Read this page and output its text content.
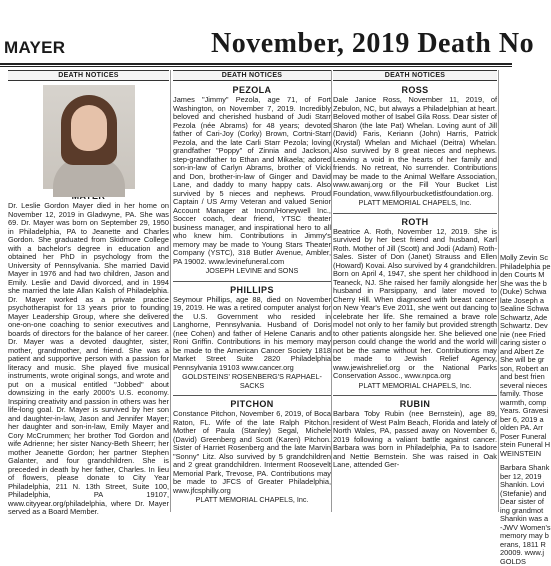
MAYER	November, 2019 Death No
DEATH NOTICES

Dr. Leslie Gordon Mayer died in her home on November 12, 2019 in Gladwyne, PA. She was 69. Dr. Mayer was born on September 29, 1950 in Philadelphia, PA to Jeanette and Charles Gordon. She graduated from Skidmore College with a bachelor's degree in education and obtained her PhD in psychology from the University of Pennsylvania. She married David Mayer in 1976 and had two children, Jason and Emily. Leslie and David divorced, and in 1994 she married the late Allan Kalish of Philadelphia. Dr. Mayer worked as a private practice psychotherapist for 13 years prior to founding Mayer Leadership Group, where she delivered one-on-one coaching to senior executives and boards of directors for the balance of her career. Dr. Mayer was a devoted daughter, sister, mother, grandmother, and friend. She was a patient and supportive person with a passion for literacy and music. She played five musical instruments, wrote original songs, and wrote and put on a musical entitled "Jobbed" about downsizing in the early 2000's U.S. economy. Inspiring creativity and passion in others was her life-long goal. Dr. Mayer is survived by her son and daughter-in-law, Jason and Jennifer Mayer; her daughter and son-in-law, Emily Mayer and Cory McCrummen; her brother Tod Gordon and wife Adrienne; her sister Nancy-Beth Sheerr; her mother Jeanette Gordon; her partner Stephen Galanter, and four grandchildren. She is preceded in death by her father, Charles. In lieu of flowers, please donate to City Year Philadelphia, 211 N. 13th Street, Suite 100, Philadelphia, PA 19107, www.cityyear.org/philadelphia, where Dr. Mayer served as a Board Member.

DEATH NOTICES
PEZOLA

James "Jimmy" Pezola, age 71, of Fort Washington, on November 7, 2019. Incredibly beloved and cherished husband of Judi Starr Pezola (née Abrams) for 48 years; devoted father of Cari-Joy (Corky) Brown, Cortni-Starr Pezola, and the late Carli Starr Pezola; loving grandfather "Poppy" of Zinnia and Jackson, step-grandfather to Ethan and Mikaela; adored son-in-law of Carlyn Abrams, brother of Vicki and Don, brother-in-law of Ginger and David Lane, and daddy to many happy cats. Also survived by 5 nieces and nephews. Proud Captain / US Army Veteran and valued Senior Account Manager at Incom/Honeywell Inc., Soccer coach, dear friend, YTSC theater business manager, and inspirational hero to all who knew him. Contributions in Jimmy's memory may be made to Young Stars Theater Company (YSTC), 318 Butler Avenue, Ambler, PA 19002. www.levinefuneral.com

JOSEPH LEVINE and SONS
PHILLIPS

Seymour Phillips, age 88, died on November 19, 2019. He was a retired computer analyst for the U.S. Government who resided in Langhorne, Pennsylvania. Husband of Doris (nee Cohen) and father of Helene Canaris and Roni Griffin. Contributions in his memory may be made to the American Cancer Society 1818 Market Street Suite 2820 Philadelphia Pennsylvania 19103 www.cancer.org

GOLDSTEINS' ROSENBERG'S RAPHAEL-SACKS
PITCHON

Constance Pitchon, November 6, 2019, of Boca Raton, FL. Wife of the late Ralph Pitchon. Mother of Paula (Stanley) Segal, Michele (David) Greenberg and Scott (Karen) Pitchon. Sister of Harriet Rosenberg and the late Marvin "Sonny" Litz. Also survived by 5 grandchildren and 2 great grandchildren. Interment Roosevelt Memorial Park, Trevose, PA. Contributions may be made to JFCS of Greater Philadelphia, www.jfcsphilly.org

PLATT MEMORIAL CHAPELS, Inc.
DEATH NOTICES
ROSS

Dale Janice Ross, November 11, 2019, of Zebulon, NC, but always a Philadelphian at heart. Beloved mother of Isabel Gila Ross. Dear sister of Sharon (the late Pat) Whelan. Loving aunt of Jill (David) Faris, Keriann (John) Harris, Patrick (Krystal) Whelan and Michael (Deitra) Whelan. Also survived by 8 great nieces and nephews. Leaving a void in the hearts of her family and friends. No retreat, No surrender. Contributions may be made to the Animal Welfare Association, www.awanj.org or the Fill Your Bucket List Foundation, www.fillyourbucketlistfoundation.org.

PLATT MEMORIAL CHAPELS, Inc.
ROTH

Beatrice A. Roth, November 12, 2019. She is survived by her best friend and husband, Karl Roth. Mother of Jill (Scott) and Jodi (Adam) Roth-Sales. Sister of Don (Janet) Strauss and Ellen (Howard) Kovai. Also survived by 4 grandchildren. Born on April 4, 1947, she spent her childhood in Teaneck, NJ. She raised her family alongside her husband in Parsippany, and later moved to Cherry Hill. When diagnosed with breast cancer on New Year's Eve 2011, she went out dancing to celebrate her life. She remained a brave role model not only to her family but provided strength to other patients alongside her. She believed one person could change the world and the world will not be the same without her. Contributions may be made to Jewish Relief Agency, www.jewishrelief.org or the National Parks Conservation Assoc., www.npca.org

PLATT MEMORIAL CHAPELS, Inc.
RUBIN

Barbara Toby Rubin (nee Bernstein), age 89, resident of West Palm Beach, Florida and lately of North Wales, PA, passed away on November 6, 2019 following a valiant battle against cancer. Barbara was born in Philadelphia, Pa to Isadore and Nettie Bernstein. She was raised in Oak Lane, attended Ger-

Molly Zevin Sc
Philadelphia pe
den Courts M
She was the b
(Duke) Schwa
late Joseph a
Sealine Schwa
Schwartz, Ade
Schwartz. Dev
nie (nee Fried
caring sister o
and Albert Ze
She will be gr
son, Robert an
and best frien
several nieces
family. Those
warmth, comp
Years. Gravesi
ber 6, 2019 a
olden PA. Arr
Poser Funeral
stein Funeral H
WEINSTEIN
Barbara Shank
ber 12, 2019
Shankin. Lovi
(Stefanie) and
Dear sister of
ing grandmot
Shankin was a
-JWV Women's
memory may b
erans, 1811 R
20009. www.j
GOLDS
